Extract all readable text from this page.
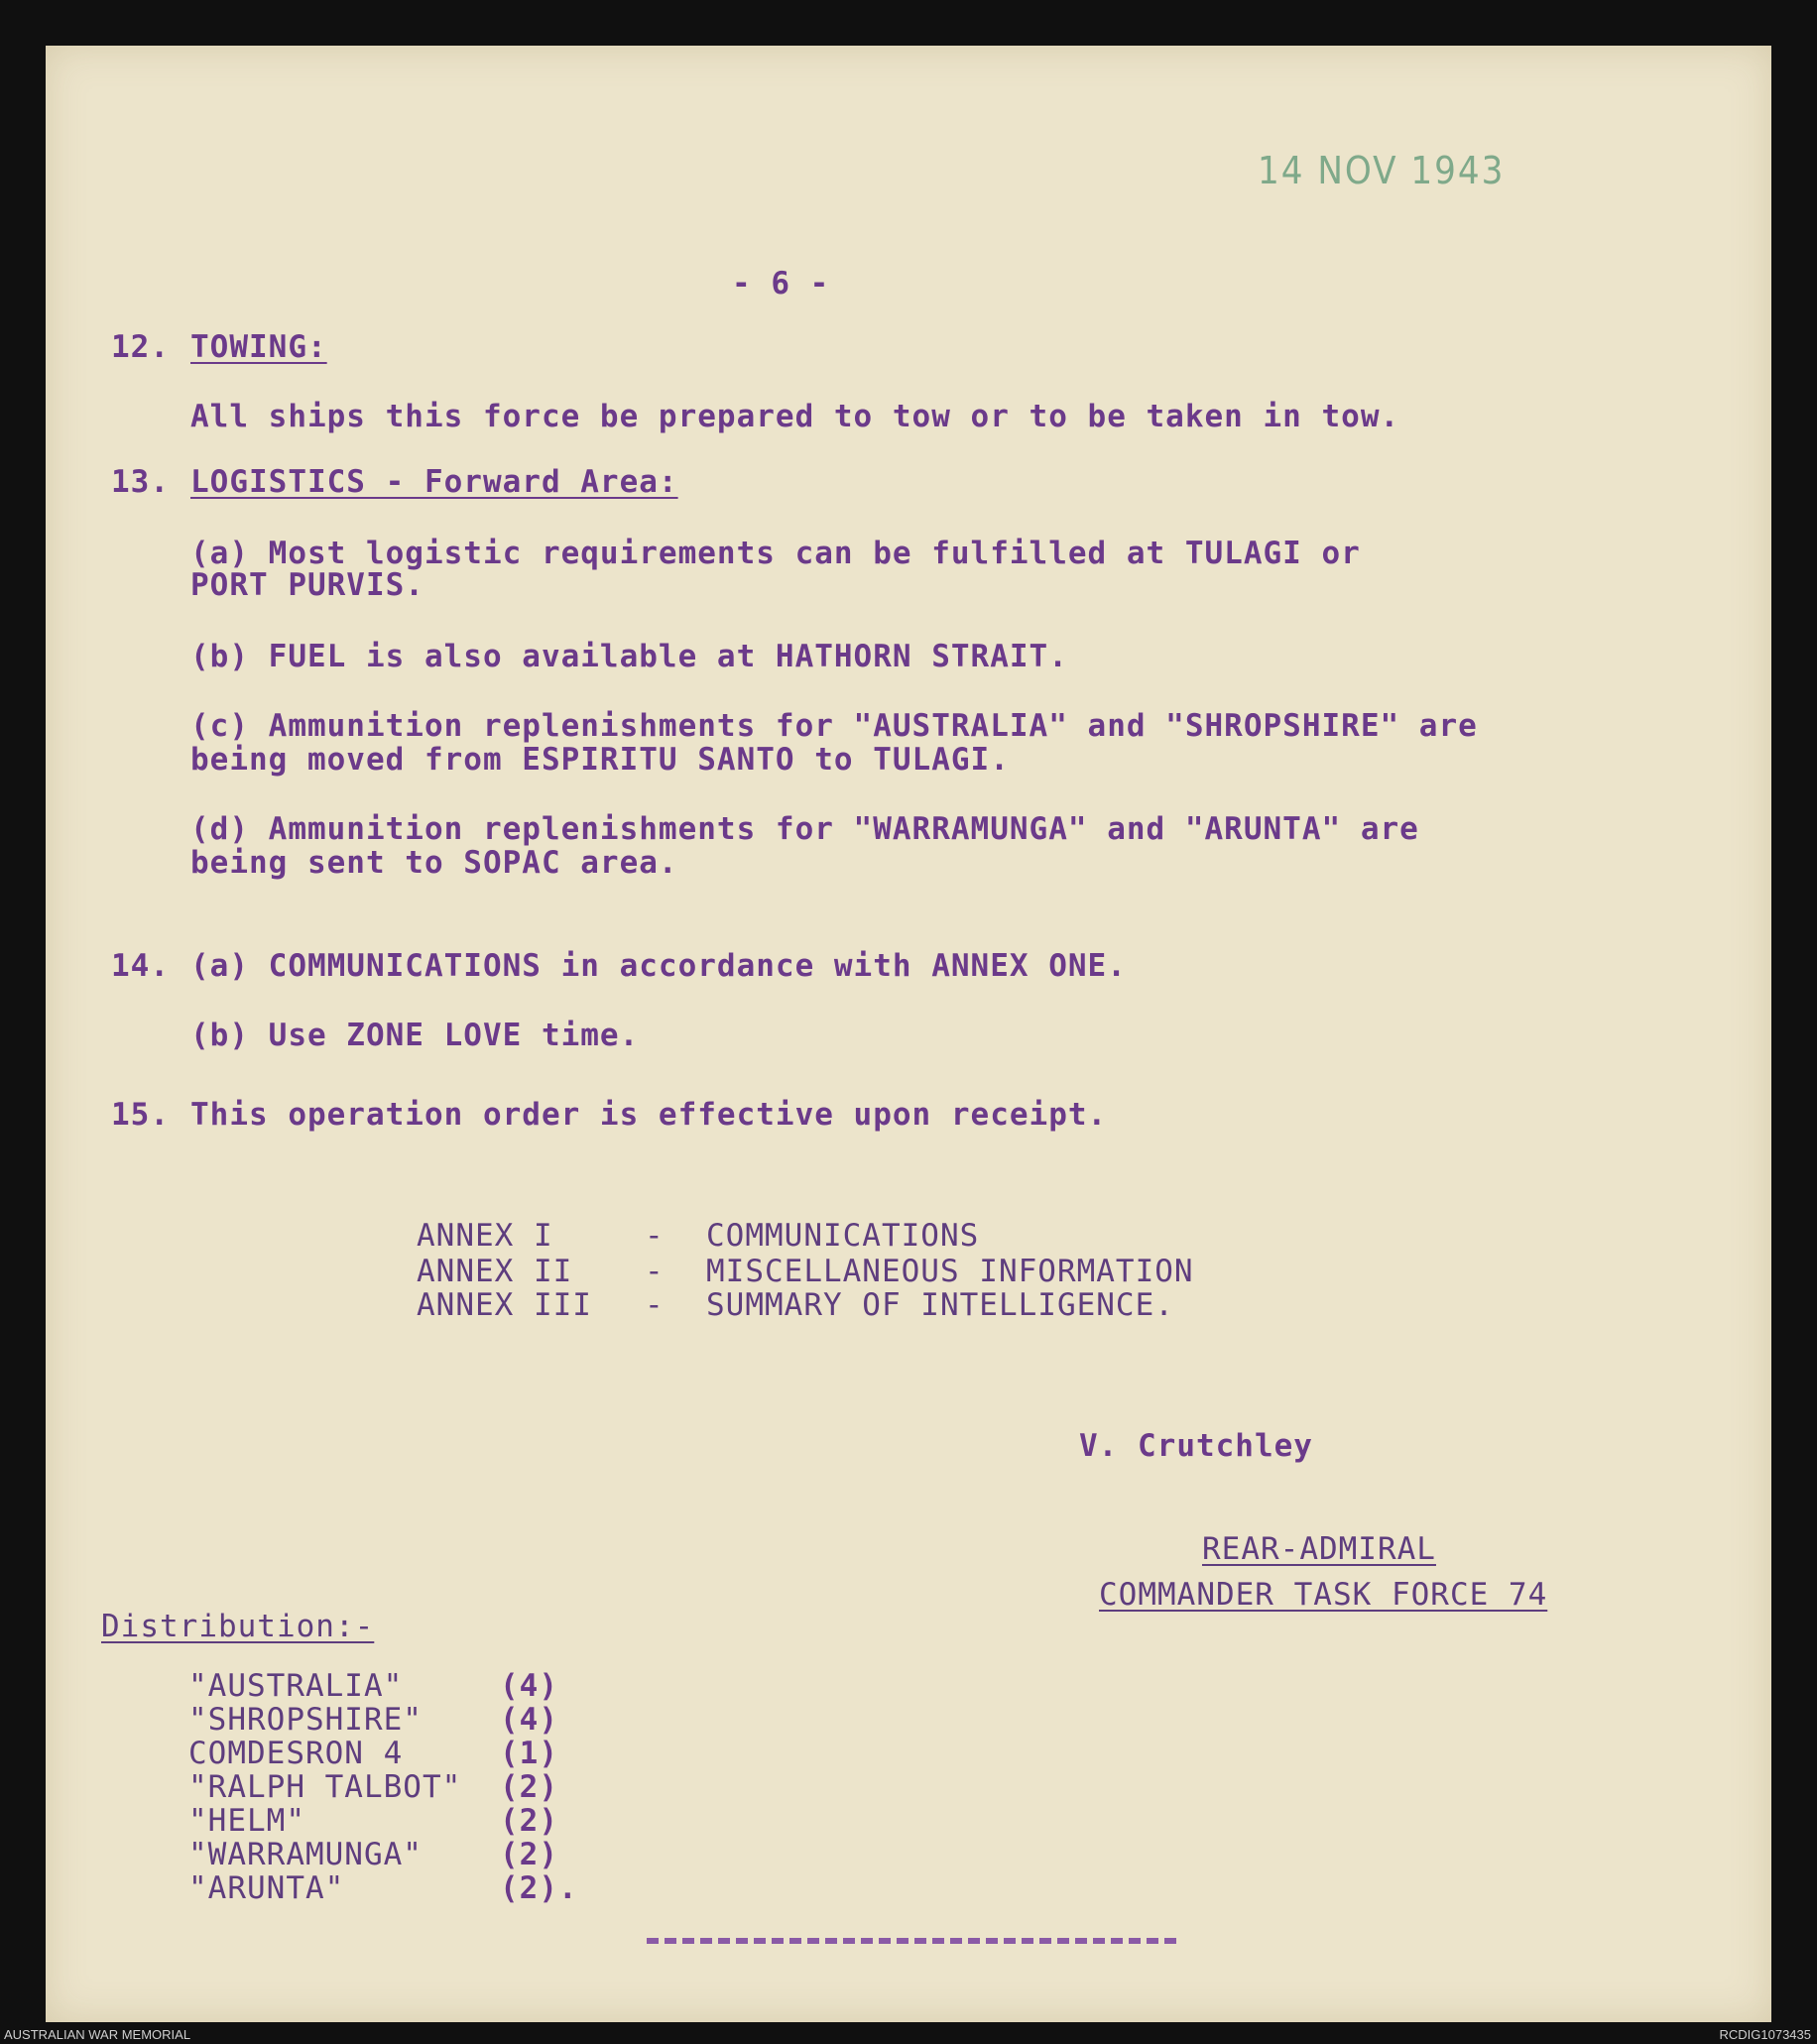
14 NOV 1943
- 6 -
12. TOWING:
All ships this force be prepared to tow or to be taken in tow.
13. LOGISTICS - Forward Area:
(a) Most logistic requirements can be fulfilled at TULAGI or
PORT PURVIS.
(b) FUEL is also available at HATHORN STRAIT.
(c) Ammunition replenishments for "AUSTRALIA" and "SHROPSHIRE" are
being moved from ESPIRITU SANTO to TULAGI.
(d) Ammunition replenishments for "WARRAMUNGA" and "ARUNTA" are
being sent to SOPAC area.
14. (a) COMMUNICATIONS in accordance with ANNEX ONE.
(b) Use ZONE LOVE time.
15. This operation order is effective upon receipt.
ANNEX I	- COMMUNICATIONS
ANNEX II - MISCELLANEOUS INFORMATION
ANNEX III - SUMMARY OF INTELLIGENCE.
V. Crutchley
REAR-ADMIRAL
COMMANDER TASK FORCE 74
Distribution:-
"AUSTRALIA"	(4)
"SHROPSHIRE"	(4)
COMDESRON 4	(1)
"RALPH TALBOT" (2)
"HELM"	(2)
"WARRAMUNGA"	(2)
"ARUNTA"	(2).
AUSTRALIAN WAR MEMORIAL	RCDIG1073435
